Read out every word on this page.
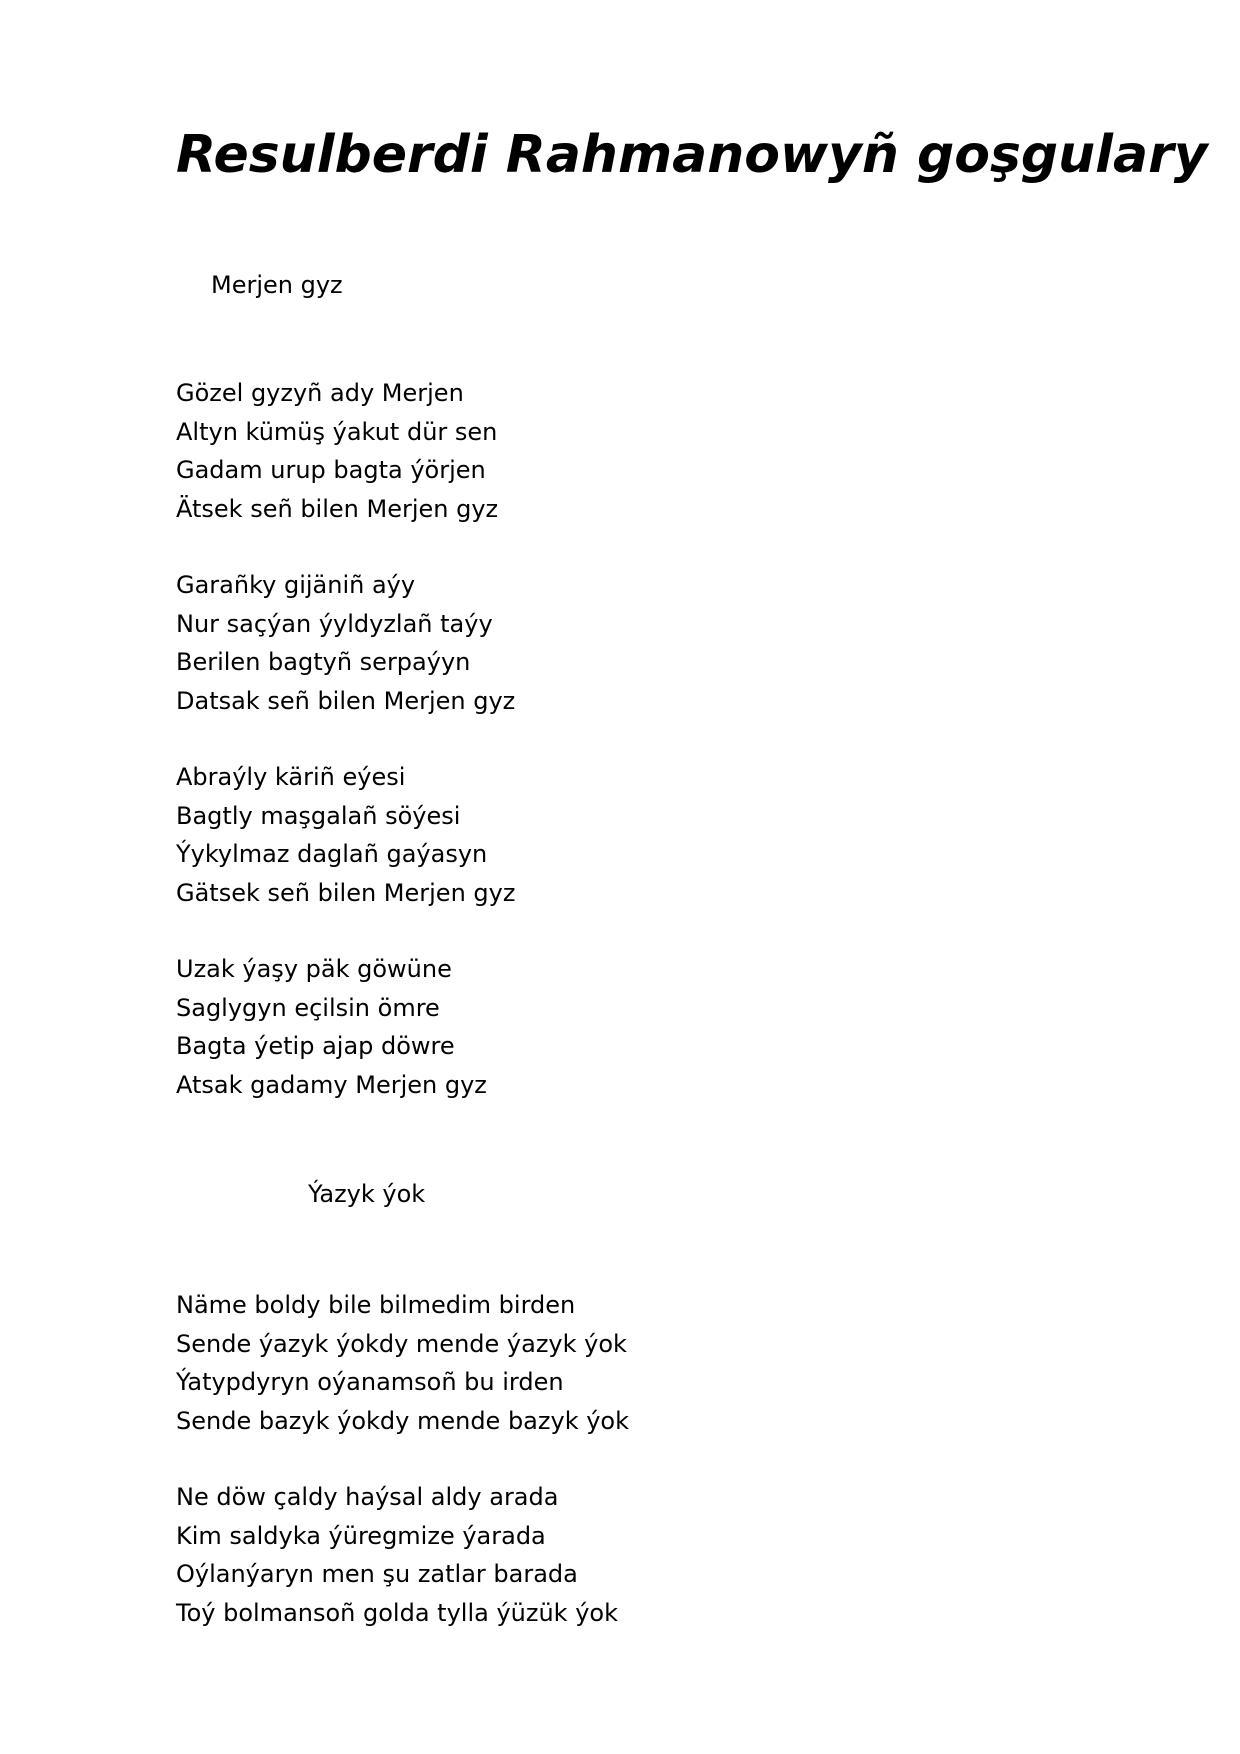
Resulberdi Rahmanowyñ goşgulary
Merjen gyz
Gözel gyzyñ ady Merjen
Altyn kümüş ýakut dür sen
Gadam urup bagta ýörjen
Ätsek señ bilen Merjen gyz
Garañky gijäniñ aýy
Nur saçýan ýyldyzlañ taýy
Berilen bagtyñ serpaýyn
Datsak señ bilen Merjen gyz
Abraýly käriñ eýesi
Bagtly maşgalañ söýesi
Ýykylmaz daglañ gaýasyn
Gätsek señ bilen Merjen gyz
Uzak ýaşy päk göwüne
Saglygyn eçilsin ömre
Bagta ýetip ajap döwre
Atsak gadamy Merjen gyz
Ýazyk ýok
Näme boldy bile bilmedim birden
Sende ýazyk ýokdy mende ýazyk ýok
Ýatypdyryn oýanamsoñ bu irden
Sende bazyk ýokdy mende bazyk ýok
Ne döw çaldy haýsal aldy arada
Kim saldyka ýüregmize ýarada
Oýlanýaryn men şu zatlar barada
Toý bolmansoñ golda tylla ýüzük ýok
